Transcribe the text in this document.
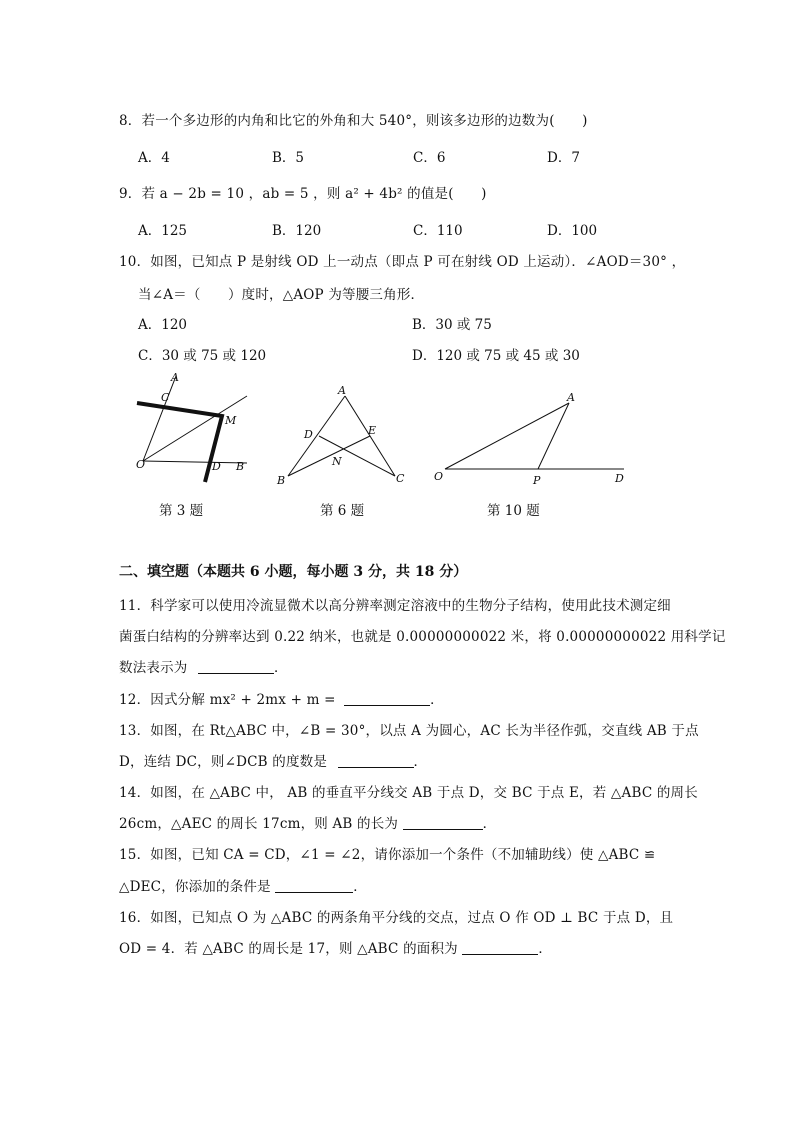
8．若一个多边形的内角和比它的外角和大 540°，则该多边形的边数为(　　)
A．4	B．5	C．6	D．7
9．若 a − 2b = 10 ，ab = 5 ，则 a² + 4b² 的值是(　　)
A．125	B．120	C．110	D．100
10．如图，已知点 P 是射线 OD 上一动点（即点 P 可在射线 OD 上运动）．∠AOD＝30° ，
当∠A＝（　　）度时，△AOP 为等腰三角形．
A．120	B．30 或 75
C．30 或 75 或 120	D．120 或 75 或 45 或 30
A
C
M
O	D B
第 3 题
A
D	E
N
B	C
第 6 题
A
O	P	D
第 10 题
二、填空题（本题共 6 小题，每小题 3 分，共 18 分）
11．科学家可以使用冷流显微术以高分辨率测定溶液中的生物分子结构，使用此技术测定细
菌蛋白结构的分辨率达到 0.22 纳米，也就是 0.00000000022 米，将 0.00000000022 用科学记
数法表示为	．
12．因式分解 mx² + 2mx + m =	．
13．如图，在 Rt△ABC 中，∠B = 30°，以点 A 为圆心，AC 长为半径作弧，交直线 AB 于点
D，连结 DC，则∠DCB 的度数是	．
14．如图，在 △ABC 中， AB 的垂直平分线交 AB 于点 D，交 BC 于点 E，若 △ABC 的周长
26cm，△AEC 的周长 17cm，则 AB 的长为	．
15．如图，已知 CA = CD，∠1 = ∠2，请你添加一个条件（不加辅助线）使 △ABC ≌
△DEC，你添加的条件是	．
16．如图，已知点 O 为 △ABC 的两条角平分线的交点，过点 O 作 OD ⊥ BC 于点 D，且
OD = 4．若 △ABC 的周长是 17，则 △ABC 的面积为	．
